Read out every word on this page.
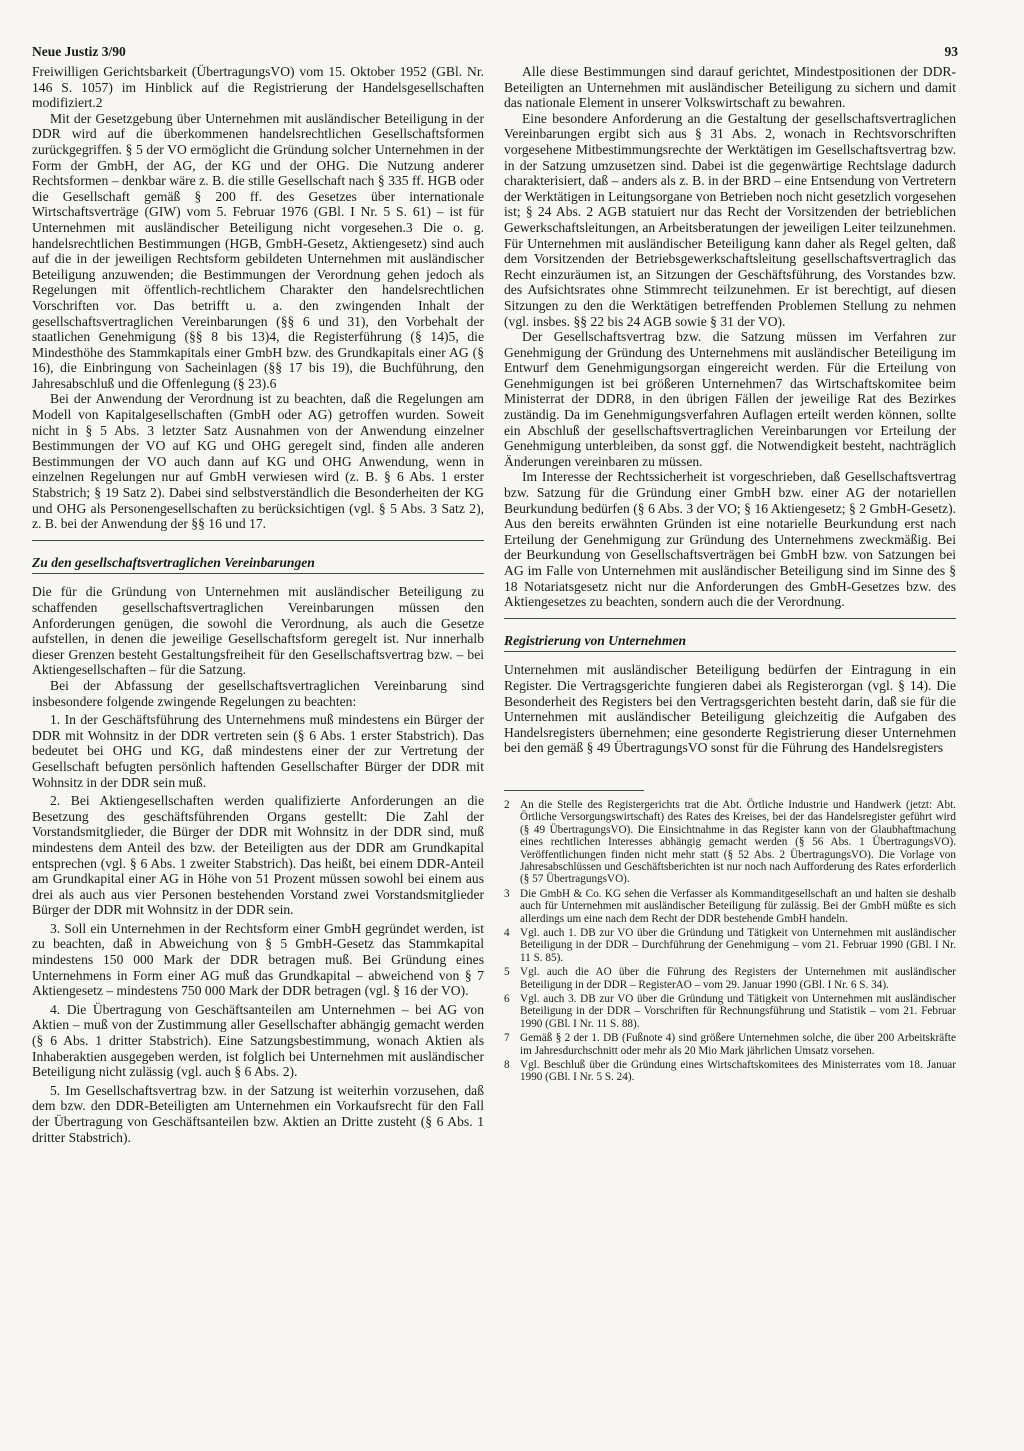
Neue Justiz 3/90	93

Freiwilligen Gerichtsbarkeit (ÜbertragungsVO) vom 15. Oktober 1952 (GBl. Nr. 146 S. 1057) im Hinblick auf die Registrierung der Handelsgesellschaften modifiziert.2

Mit der Gesetzgebung über Unternehmen mit ausländischer Beteiligung in der DDR wird auf die überkommenen handelsrechtlichen Gesellschaftsformen zurückgegriffen. § 5 der VO ermöglicht die Gründung solcher Unternehmen in der Form der GmbH, der AG, der KG und der OHG. Die Nutzung anderer Rechtsformen – denkbar wäre z. B. die stille Gesellschaft nach § 335 ff. HGB oder die Gesellschaft gemäß § 200 ff. des Gesetzes über internationale Wirtschaftsverträge (GIW) vom 5. Februar 1976 (GBl. I Nr. 5 S. 61) – ist für Unternehmen mit ausländischer Beteiligung nicht vorgesehen.3 Die o. g. handelsrechtlichen Bestimmungen (HGB, GmbH-Gesetz, Aktiengesetz) sind auch auf die in der jeweiligen Rechtsform gebildeten Unternehmen mit ausländischer Beteiligung anzuwenden; die Bestimmungen der Verordnung gehen jedoch als Regelungen mit öffentlich-rechtlichem Charakter den handelsrechtlichen Vorschriften vor. Das betrifft u. a. den zwingenden Inhalt der gesellschaftsvertraglichen Vereinbarungen (§§ 6 und 31), den Vorbehalt der staatlichen Genehmigung (§§ 8 bis 13)4, die Registerführung (§ 14)5, die Mindesthöhe des Stammkapitals einer GmbH bzw. des Grundkapitals einer AG (§ 16), die Einbringung von Sacheinlagen (§§ 17 bis 19), die Buchführung, den Jahresabschluß und die Offenlegung (§ 23).6

Bei der Anwendung der Verordnung ist zu beachten, daß die Regelungen am Modell von Kapitalgesellschaften (GmbH oder AG) getroffen wurden. Soweit nicht in § 5 Abs. 3 letzter Satz Ausnahmen von der Anwendung einzelner Bestimmungen der VO auf KG und OHG geregelt sind, finden alle anderen Bestimmungen der VO auch dann auf KG und OHG Anwendung, wenn in einzelnen Regelungen nur auf GmbH verwiesen wird (z. B. § 6 Abs. 1 erster Stabstrich; § 19 Satz 2). Dabei sind selbstverständlich die Besonderheiten der KG und OHG als Personengesellschaften zu berücksichtigen (vgl. § 5 Abs. 3 Satz 2), z. B. bei der Anwendung der §§ 16 und 17.

Zu den gesellschaftsvertraglichen Vereinbarungen

Die für die Gründung von Unternehmen mit ausländischer Beteiligung zu schaffenden gesellschaftsvertraglichen Vereinbarungen müssen den Anforderungen genügen, die sowohl die Verordnung, als auch die Gesetze aufstellen, in denen die jeweilige Gesellschaftsform geregelt ist. Nur innerhalb dieser Grenzen besteht Gestaltungsfreiheit für den Gesellschaftsvertrag bzw. – bei Aktiengesellschaften – für die Satzung.

Bei der Abfassung der gesellschaftsvertraglichen Vereinbarung sind insbesondere folgende zwingende Regelungen zu beachten:

1. In der Geschäftsführung des Unternehmens muß mindestens ein Bürger der DDR mit Wohnsitz in der DDR vertreten sein (§ 6 Abs. 1 erster Stabstrich). Das bedeutet bei OHG und KG, daß mindestens einer der zur Vertretung der Gesellschaft befugten persönlich haftenden Gesellschafter Bürger der DDR mit Wohnsitz in der DDR sein muß.

2. Bei Aktiengesellschaften werden qualifizierte Anforderungen an die Besetzung des geschäftsführenden Organs gestellt: Die Zahl der Vorstandsmitglieder, die Bürger der DDR mit Wohnsitz in der DDR sind, muß mindestens dem Anteil des bzw. der Beteiligten aus der DDR am Grundkapital entsprechen (vgl. § 6 Abs. 1 zweiter Stabstrich). Das heißt, bei einem DDR-Anteil am Grundkapital einer AG in Höhe von 51 Prozent müssen sowohl bei einem aus drei als auch aus vier Personen bestehenden Vorstand zwei Vorstandsmitglieder Bürger der DDR mit Wohnsitz in der DDR sein.

3. Soll ein Unternehmen in der Rechtsform einer GmbH gegründet werden, ist zu beachten, daß in Abweichung von § 5 GmbH-Gesetz das Stammkapital mindestens 150 000 Mark der DDR betragen muß. Bei Gründung eines Unternehmens in Form einer AG muß das Grundkapital – abweichend von § 7 Aktiengesetz – mindestens 750 000 Mark der DDR betragen (vgl. § 16 der VO).

4. Die Übertragung von Geschäftsanteilen am Unternehmen – bei AG von Aktien – muß von der Zustimmung aller Gesellschafter abhängig gemacht werden (§ 6 Abs. 1 dritter Stabstrich). Eine Satzungsbestimmung, wonach Aktien als Inhaberaktien ausgegeben werden, ist folglich bei Unternehmen mit ausländischer Beteiligung nicht zulässig (vgl. auch § 6 Abs. 2).

5. Im Gesellschaftsvertrag bzw. in der Satzung ist weiterhin vorzusehen, daß dem bzw. den DDR-Beteiligten am Unternehmen ein Vorkaufsrecht für den Fall der Übertragung von Geschäftsanteilen bzw. Aktien an Dritte zusteht (§ 6 Abs. 1 dritter Stabstrich).

Alle diese Bestimmungen sind darauf gerichtet, Mindestpositionen der DDR-Beteiligten an Unternehmen mit ausländischer Beteiligung zu sichern und damit das nationale Element in unserer Volkswirtschaft zu bewahren.

Eine besondere Anforderung an die Gestaltung der gesellschaftsvertraglichen Vereinbarungen ergibt sich aus § 31 Abs. 2, wonach in Rechtsvorschriften vorgesehene Mitbestimmungsrechte der Werktätigen im Gesellschaftsvertrag bzw. in der Satzung umzusetzen sind. Dabei ist die gegenwärtige Rechtslage dadurch charakterisiert, daß – anders als z. B. in der BRD – eine Entsendung von Vertretern der Werktätigen in Leitungsorgane von Betrieben noch nicht gesetzlich vorgesehen ist; § 24 Abs. 2 AGB statuiert nur das Recht der Vorsitzenden der betrieblichen Gewerkschaftsleitungen, an Arbeitsberatungen der jeweiligen Leiter teilzunehmen. Für Unternehmen mit ausländischer Beteiligung kann daher als Regel gelten, daß dem Vorsitzenden der Betriebsgewerkschaftsleitung gesellschaftsvertraglich das Recht einzuräumen ist, an Sitzungen der Geschäftsführung, des Vorstandes bzw. des Aufsichtsrates ohne Stimmrecht teilzunehmen. Er ist berechtigt, auf diesen Sitzungen zu den die Werktätigen betreffenden Problemen Stellung zu nehmen (vgl. insbes. §§ 22 bis 24 AGB sowie § 31 der VO).

Der Gesellschaftsvertrag bzw. die Satzung müssen im Verfahren zur Genehmigung der Gründung des Unternehmens mit ausländischer Beteiligung im Entwurf dem Genehmigungsorgan eingereicht werden. Für die Erteilung von Genehmigungen ist bei größeren Unternehmen7 das Wirtschaftskomitee beim Ministerrat der DDR8, in den übrigen Fällen der jeweilige Rat des Bezirkes zuständig. Da im Genehmigungsverfahren Auflagen erteilt werden können, sollte ein Abschluß der gesellschaftsvertraglichen Vereinbarungen vor Erteilung der Genehmigung unterbleiben, da sonst ggf. die Notwendigkeit besteht, nachträglich Änderungen vereinbaren zu müssen.

Im Interesse der Rechtssicherheit ist vorgeschrieben, daß Gesellschaftsvertrag bzw. Satzung für die Gründung einer GmbH bzw. einer AG der notariellen Beurkundung bedürfen (§ 6 Abs. 3 der VO; § 16 Aktiengesetz; § 2 GmbH-Gesetz). Aus den bereits erwähnten Gründen ist eine notarielle Beurkundung erst nach Erteilung der Genehmigung zur Gründung des Unternehmens zweckmäßig. Bei der Beurkundung von Gesellschaftsverträgen bei GmbH bzw. von Satzungen bei AG im Falle von Unternehmen mit ausländischer Beteiligung sind im Sinne des § 18 Notariatsgesetz nicht nur die Anforderungen des GmbH-Gesetzes bzw. des Aktiengesetzes zu beachten, sondern auch die der Verordnung.

Registrierung von Unternehmen

Unternehmen mit ausländischer Beteiligung bedürfen der Eintragung in ein Register. Die Vertragsgerichte fungieren dabei als Registerorgan (vgl. § 14). Die Besonderheit des Registers bei den Vertragsgerichten besteht darin, daß sie für die Unternehmen mit ausländischer Beteiligung gleichzeitig die Aufgaben des Handelsregisters übernehmen; eine gesonderte Registrierung dieser Unternehmen bei den gemäß § 49 ÜbertragungsVO sonst für die Führung des Handelsregisters

2 An die Stelle des Registergerichts trat die Abt. Örtliche Industrie und Handwerk (jetzt: Abt. Örtliche Versorgungswirtschaft) des Rates des Kreises, bei der das Handelsregister geführt wird (§ 49 ÜbertragungsVO). Die Einsichtnahme in das Register kann von der Glaubhaftmachung eines rechtlichen Interesses abhängig gemacht werden (§ 56 Abs. 1 ÜbertragungsVO). Veröffentlichungen finden nicht mehr statt (§ 52 Abs. 2 ÜbertragungsVO). Die Vorlage von Jahresabschlüssen und Geschäftsberichten ist nur noch nach Aufforderung des Rates erforderlich (§ 57 ÜbertragungsVO).
3 Die GmbH & Co. KG sehen die Verfasser als Kommanditgesellschaft an und halten sie deshalb auch für Unternehmen mit ausländischer Beteiligung für zulässig. Bei der GmbH müßte es sich allerdings um eine nach dem Recht der DDR bestehende GmbH handeln.
4 Vgl. auch 1. DB zur VO über die Gründung und Tätigkeit von Unternehmen mit ausländischer Beteiligung in der DDR – Durchführung der Genehmigung – vom 21. Februar 1990 (GBl. I Nr. 11 S. 85).
5 Vgl. auch die AO über die Führung des Registers der Unternehmen mit ausländischer Beteiligung in der DDR – RegisterAO – vom 29. Januar 1990 (GBl. I Nr. 6 S. 34).
6 Vgl. auch 3. DB zur VO über die Gründung und Tätigkeit von Unternehmen mit ausländischer Beteiligung in der DDR – Vorschriften für Rechnungsführung und Statistik – vom 21. Februar 1990 (GBl. I Nr. 11 S. 88).
7 Gemäß § 2 der 1. DB (Fußnote 4) sind größere Unternehmen solche, die über 200 Arbeitskräfte im Jahresdurchschnitt oder mehr als 20 Mio Mark jährlichen Umsatz vorsehen.
8 Vgl. Beschluß über die Gründung eines Wirtschaftskomitees des Ministerrates vom 18. Januar 1990 (GBl. I Nr. 5 S. 24).
